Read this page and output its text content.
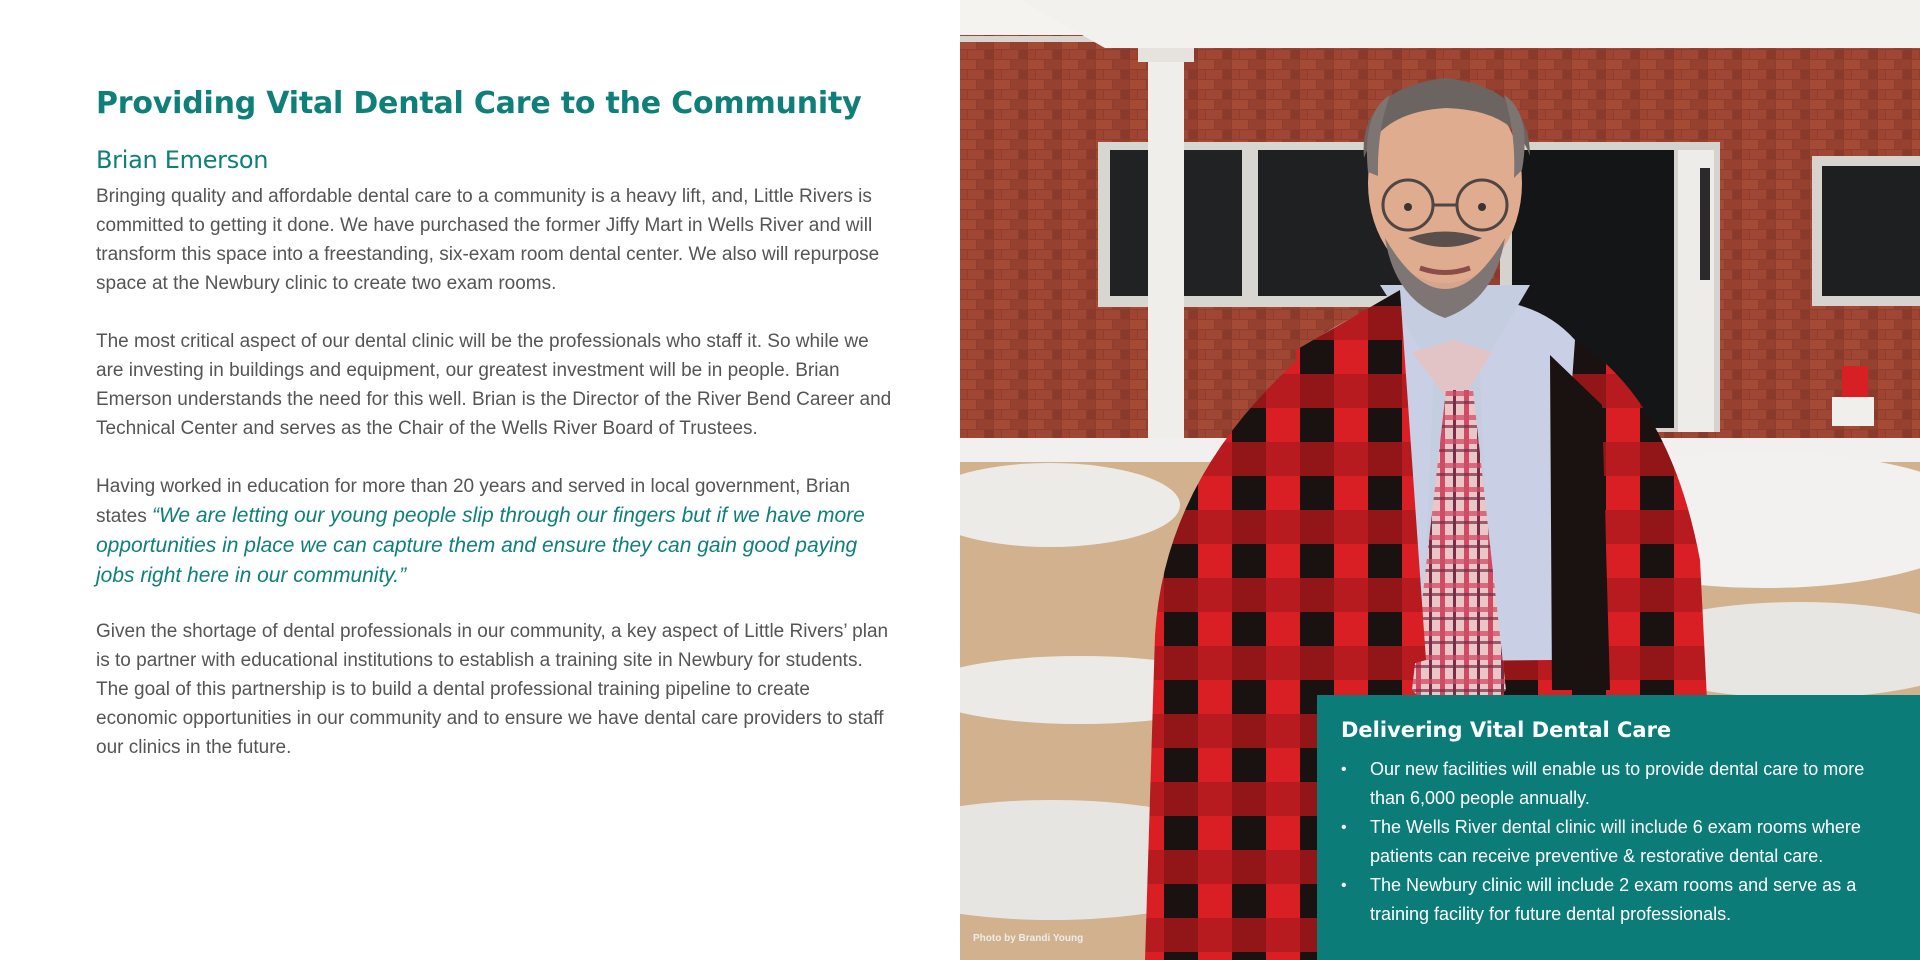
Providing Vital Dental Care to the Community
Brian Emerson

Bringing quality and affordable dental care to a community is a heavy lift, and, Little Rivers is committed to getting it done. We have purchased the former Jiffy Mart in Wells River and will transform this space into a freestanding, six-exam room dental center. We also will repurpose space at the Newbury clinic to create two exam rooms.

The most critical aspect of our dental clinic will be the professionals who staff it. So while we are investing in buildings and equipment, our greatest investment will be in people. Brian Emerson understands the need for this well. Brian is the Director of the River Bend Career and Technical Center and serves as the Chair of the Wells River Board of Trustees.

Having worked in education for more than 20 years and served in local government, Brian states “We are letting our young people slip through our fingers but if we have more opportunities in place we can capture them and ensure they can gain good paying jobs right here in our community.”

Given the shortage of dental professionals in our community, a key aspect of Little Rivers’ plan is to partner with educational institutions to establish a training site in Newbury for students. The goal of this partnership is to build a dental professional training pipeline to create economic opportunities in our community and to ensure we have dental care providers to staff our clinics in the future.

Photo by Brandi Young
Delivering Vital Dental Care
•	Our new facilities will enable us to provide dental care to more than 6,000 people annually.
•	The Wells River dental clinic will include 6 exam rooms where patients can receive preventive & restorative dental care.
•	The Newbury clinic will include 2 exam rooms and serve as a training facility for future dental professionals.
